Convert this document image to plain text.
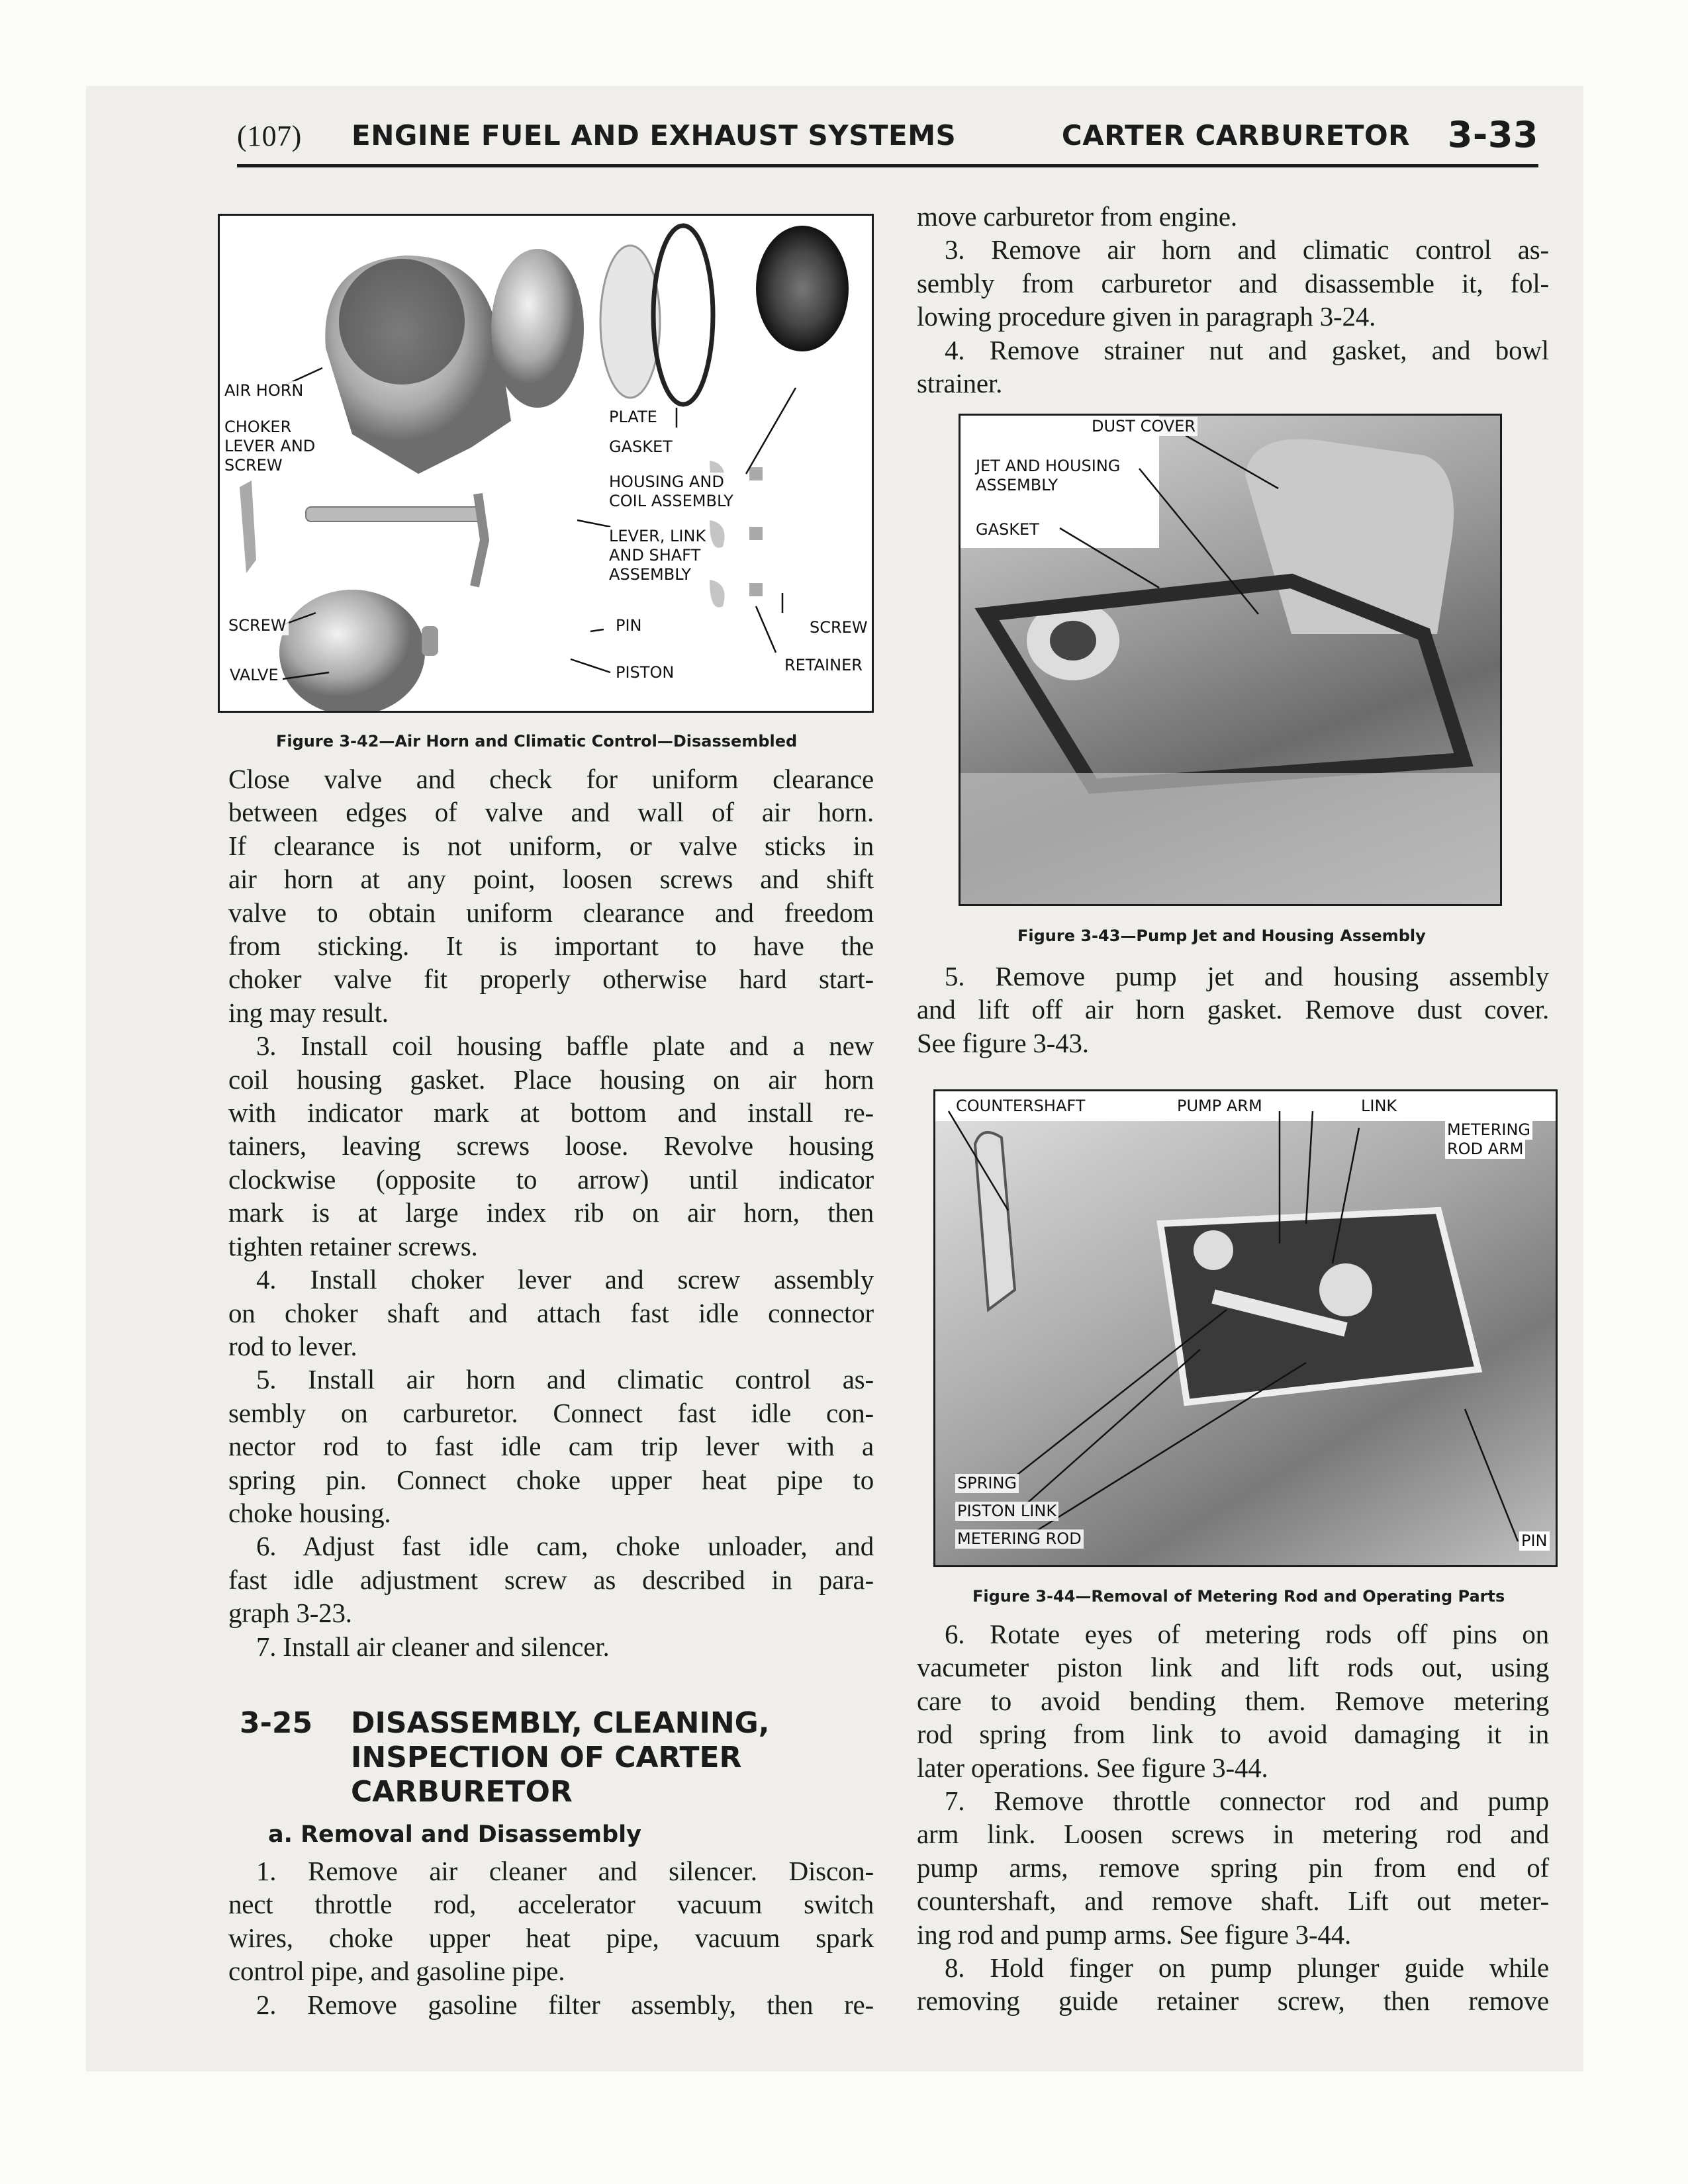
(107) ENGINE FUEL AND EXHAUST SYSTEMS	CARTER CARBURETOR 3-33
AIR HORN
CHOKER
LEVER AND
SCREW
PLATE
GASKET
HOUSING AND
COIL ASSEMBLY
LEVER, LINK
AND SHAFT
ASSEMBLY
SCREW	PIN
VALVE	PISTON
SCREW
RETAINER
Figure 3-42—Air Horn and Climatic Control—Disassembled
Close valve and check for uniform clearance
between edges of valve and wall of air horn.
If clearance is not uniform, or valve sticks in
air horn at any point, loosen screws and shift
valve to obtain uniform clearance and freedom
from sticking. It is important to have the
choker valve fit properly otherwise hard start-
ing may result.
3. Install coil housing baffle plate and a new
coil housing gasket. Place housing on air horn
with indicator mark at bottom and install re-
tainers, leaving screws loose. Revolve housing
clockwise (opposite to arrow) until indicator
mark is at large index rib on air horn, then
tighten retainer screws.
4. Install choker lever and screw assembly
on choker shaft and attach fast idle connector
rod to lever.
5. Install air horn and climatic control as-
sembly on carburetor. Connect fast idle con-
nector rod to fast idle cam trip lever with a
spring pin. Connect choke upper heat pipe to
choke housing.
6. Adjust fast idle cam, choke unloader, and
fast idle adjustment screw as described in para-
graph 3-23.
7. Install air cleaner and silencer.
3-25 DISASSEMBLY, CLEANING,
INSPECTION OF CARTER
CARBURETOR
a. Removal and Disassembly
1. Remove air cleaner and silencer. Discon-
nect throttle rod, accelerator vacuum switch
wires, choke upper heat pipe, vacuum spark
control pipe, and gasoline pipe.
2. Remove gasoline filter assembly, then re-
move carburetor from engine.
3. Remove air horn and climatic control as-
sembly from carburetor and disassemble it, fol-
lowing procedure given in paragraph 3-24.
4. Remove strainer nut and gasket, and bowl
strainer.
DUST COVER
JET AND HOUSING
ASSEMBLY
GASKET
Figure 3-43—Pump Jet and Housing Assembly
5. Remove pump jet and housing assembly
and lift off air horn gasket. Remove dust cover.
See figure 3-43.
COUNTERSHAFT	PUMP ARM	LINK
METERING
ROD ARM
SPRING
PISTON LINK
METERING ROD	PIN
Figure 3-44—Removal of Metering Rod and Operating Parts
6. Rotate eyes of metering rods off pins on
vacumeter piston link and lift rods out, using
care to avoid bending them. Remove metering
rod spring from link to avoid damaging it in
later operations. See figure 3-44.
7. Remove throttle connector rod and pump
arm link. Loosen screws in metering rod and
pump arms, remove spring pin from end of
countershaft, and remove shaft. Lift out meter-
ing rod and pump arms. See figure 3-44.
8. Hold finger on pump plunger guide while
removing guide retainer screw, then remove
